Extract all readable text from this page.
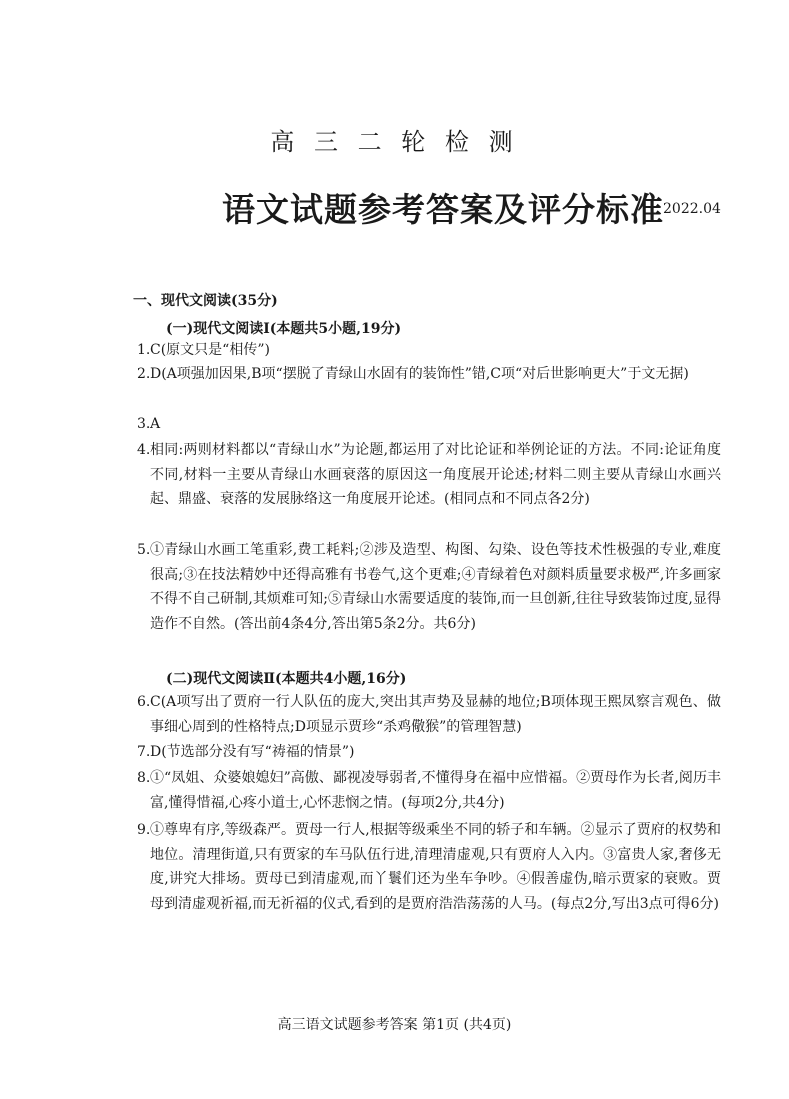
高 三 二 轮 检 测
语文试题参考答案及评分标准 2022.04
一、现代文阅读(35分)
(一)现代文阅读Ⅰ(本题共5小题,19分)
1. C(原文只是“相传”)
2. D(A项强加因果,B项“摆脱了青绿山水固有的装饰性”错,C项“对后世影响更大”于文无据)
3. A
4. 相同:两则材料都以“青绿山水”为论题,都运用了对比论证和举例论证的方法。不同:论证角度不同,材料一主要从青绿山水画衰落的原因这一角度展开论述;材料二则主要从青绿山水画兴起、鼎盛、衰落的发展脉络这一角度展开论述。(相同点和不同点各2分)
5. ①青绿山水画工笔重彩,费工耗料;②涉及造型、构图、勾染、设色等技术性极强的专业,难度很高;③在技法精妙中还得高雅有书卷气,这个更难;④青绿着色对颜料质量要求极严,许多画家不得不自己研制,其烦难可知;⑤青绿山水需要适度的装饰,而一旦创新,往往导致装饰过度,显得造作不自然。(答出前4条4分,答出第5条2分。共6分)
(二)现代文阅读Ⅱ(本题共4小题,16分)
6. C(A项写出了贾府一行人队伍的庞大,突出其声势及显赫的地位;B项体现王熙凤察言观色、做事细心周到的性格特点;D项显示贾珍“杀鸡儆猴”的管理智慧)
7. D(节选部分没有写“祷福的情景”)
8. ①“凤姐、众婆娘媳妇”高傲、鄙视凌辱弱者,不懂得身在福中应惜福。②贾母作为长者,阅历丰富,懂得惜福,心疼小道士,心怀悲悯之情。(每项2分,共4分)
9. ①尊卑有序,等级森严。贾母一行人,根据等级乘坐不同的轿子和车辆。②显示了贾府的权势和地位。清理街道,只有贾家的车马队伍行进,清理清虚观,只有贾府人入内。③富贵人家,奢侈无度,讲究大排场。贾母已到清虚观,而丫鬟们还为坐车争吵。④假善虚伪,暗示贾家的衰败。贾母到清虚观祈福,而无祈福的仪式,看到的是贾府浩浩荡荡的人马。(每点2分,写出3点可得6分)
高三语文试题参考答案 第1页 (共4页)
